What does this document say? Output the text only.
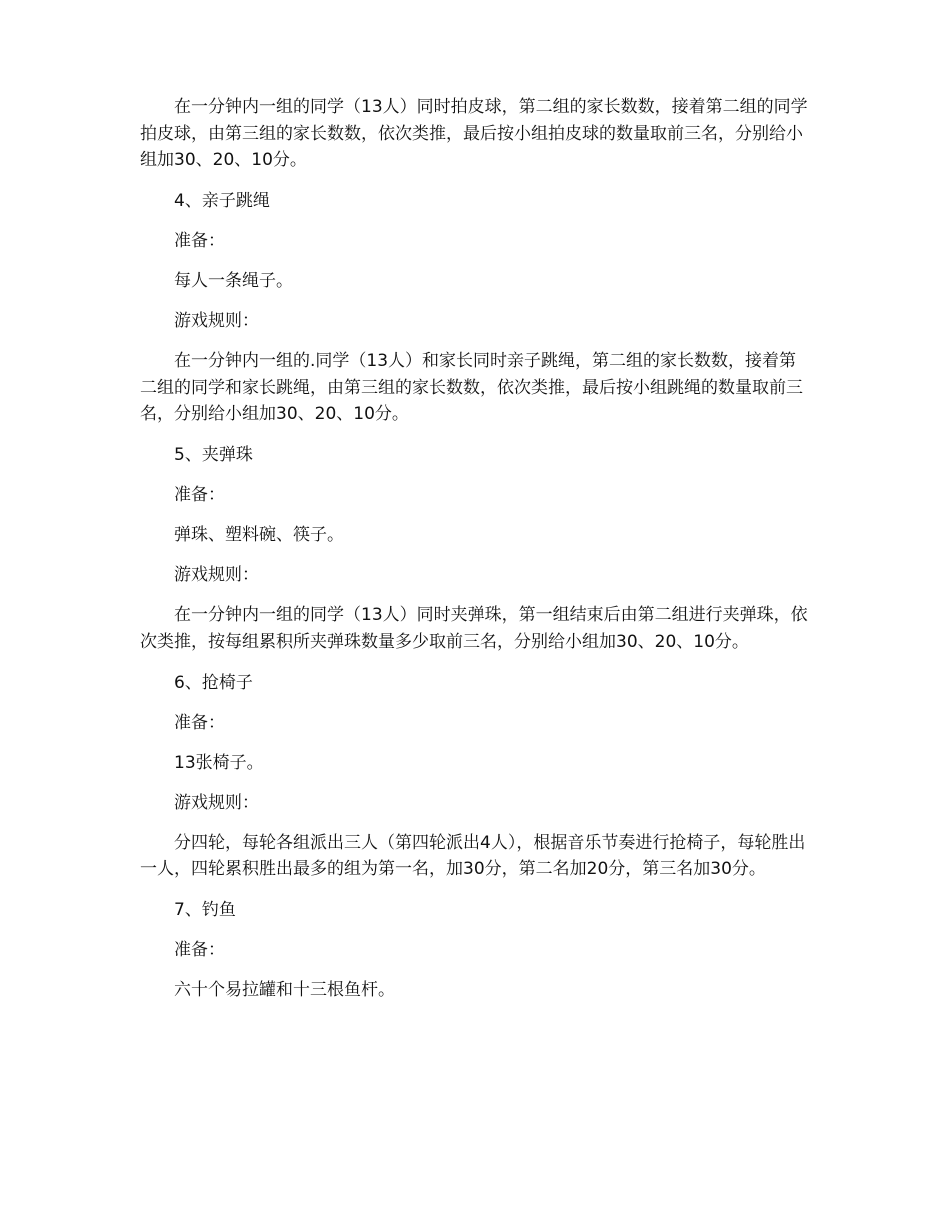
在一分钟内一组的同学（13人）同时拍皮球，第二组的家长数数，接着第二组的同学拍皮球，由第三组的家长数数，依次类推，最后按小组拍皮球的数量取前三名，分别给小组加30、20、10分。

4、亲子跳绳

准备：

每人一条绳子。

游戏规则：

在一分钟内一组的.同学（13人）和家长同时亲子跳绳，第二组的家长数数，接着第二组的同学和家长跳绳，由第三组的家长数数，依次类推，最后按小组跳绳的数量取前三名，分别给小组加30、20、10分。

5、夹弹珠

准备：

弹珠、塑料碗、筷子。

游戏规则：

在一分钟内一组的同学（13人）同时夹弹珠，第一组结束后由第二组进行夹弹珠，依次类推，按每组累积所夹弹珠数量多少取前三名，分别给小组加30、20、10分。

6、抢椅子

准备：

13张椅子。

游戏规则：

分四轮，每轮各组派出三人（第四轮派出4人），根据音乐节奏进行抢椅子，每轮胜出一人，四轮累积胜出最多的组为第一名，加30分，第二名加20分，第三名加30分。

7、钓鱼

准备：

六十个易拉罐和十三根鱼杆。
